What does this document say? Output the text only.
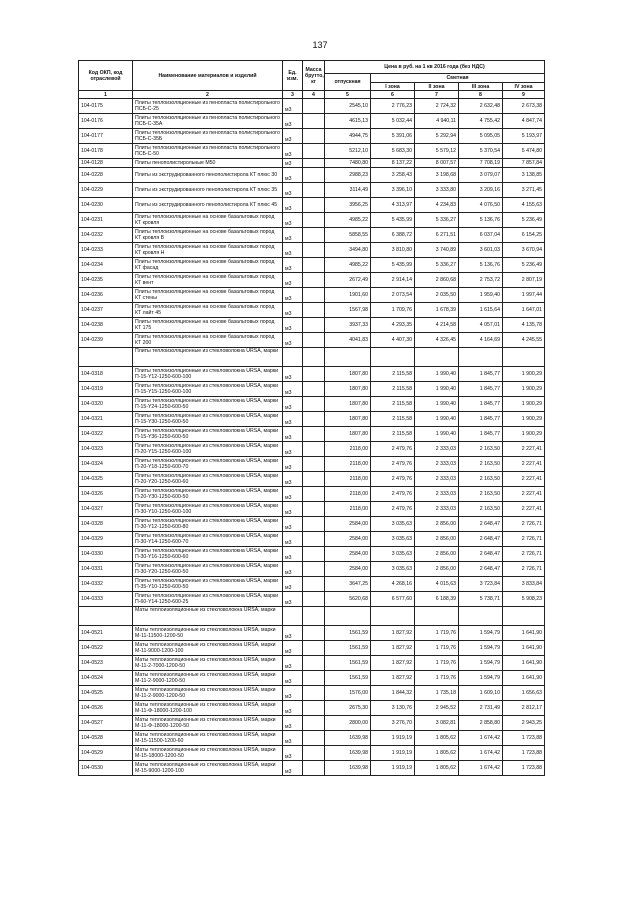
137
Код ОКП, код отраслевой	Наименование материалов и изделий	Ед. изм.	Масса брутто, кг	Цена в руб. на 1 кв 2016 года (без НДС)				
				отпускная	Сметная			
					I зона	II зона	III зона	IV зона
1	2	3	4	5	6	7	8	9
104-0175	Плиты теплоизоляционные из пенопласта полистирольного ПСБ-С-25	м3		2545,10	2 776,23	2 724,32	2 632,48	2 673,38
104-0176	Плиты теплоизоляционные из пенопласта полистирольного ПСБ-С-35А	м3		4615,13	5 032,44	4 940,11	4 755,42	4 847,74
104-0177	Плиты теплоизоляционные из пенопласта полистирольного ПСБ-С-35Б	м3		4944,75	5 391,06	5 292,94	5 095,05	5 193,97
104-0178	Плиты теплоизоляционные из пенопласта полистирольного ПСБ-С-50	м3		5212,10	5 683,30	5 579,12	5 370,54	5 474,80
104-0128	Плиты пенополистирольные М50	м3		7480,80	8 137,22	8 007,57	7 708,19	7 857,84
104-0228	Плиты из экструдированного пенополистирола КТ плюс 30	м3		2988,23	3 258,43	3 198,68	3 079,07	3 138,85
104-0229	Плиты из экструдированного пенополистирола КТ плюс 35	м3		3114,49	3 396,10	3 333,80	3 209,16	3 271,45
104-0230	Плиты из экструдированного пенополистирола КТ плюс 45	м3		3956,25	4 313,97	4 234,83	4 076,50	4 155,63
104-0231	Плиты теплоизоляционные на основе базальтовых пород КТ кровля	м3		4985,22	5 435,99	5 336,27	5 136,76	5 236,49
104-0232	Плиты теплоизоляционные на основе базальтовых пород КТ кровля В	м3		5858,55	6 388,72	6 271,51	6 037,04	6 154,25
104-0233	Плиты теплоизоляционные на основе базальтовых пород КТ кровля Н	м3		3494,80	3 810,80	3 740,89	3 601,03	3 670,94
104-0234	Плиты теплоизоляционные на основе базальтовых пород КТ фасад	м3		4985,22	5 435,99	5 336,27	5 136,76	5 236,49
104-0235	Плиты теплоизоляционные на основе базальтовых пород КТ вент	м3		2672,49	2 914,14	2 860,68	2 753,72	2 807,19
104-0236	Плиты теплоизоляционные на основе базальтовых пород КТ стены	м3		1901,60	2 073,54	2 035,50	1 959,40	1 997,44
104-0237	Плиты теплоизоляционные на основе базальтовых пород КТ лайт 45	м3		1567,98	1 709,76	1 678,39	1 615,64	1 647,01
104-0238	Плиты теплоизоляционные на основе базальтовых пород КТ 175	м3		3937,33	4 293,35	4 214,58	4 057,01	4 135,78
104-0239	Плиты теплоизоляционные на основе базальтовых пород КТ 200	м3		4041,83	4 407,30	4 326,45	4 164,69	4 245,55
	Плиты теплоизоляционные из стекловолокна URSA, марки							
104-0318	Плиты теплоизоляционные из стекловолокна URSA, марки П-15-Y12-1250-600-100	м3		1807,80	2 115,58	1 990,40	1 845,77	1 900,29
104-0319	Плиты теплоизоляционные из стекловолокна URSA, марки П-15-Y15-1250-600-100	м3		1807,80	2 115,58	1 990,40	1 845,77	1 900,29
104-0320	Плиты теплоизоляционные из стекловолокна URSA, марки П-15-Y24-1250-600-50	м3		1807,80	2 115,58	1 990,40	1 845,77	1 900,29
104-0321	Плиты теплоизоляционные из стекловолокна URSA, марки П-15-Y30-1250-600-50	м3		1807,80	2 115,58	1 990,40	1 845,77	1 900,29
104-0322	Плиты теплоизоляционные из стекловолокна URSA, марки П-15-Y36-1250-600-50	м3		1807,80	2 115,58	1 990,40	1 845,77	1 900,29
104-0323	Плиты теплоизоляционные из стекловолокна URSA, марки П-20-Y15-1250-600-100	м3		2118,00	2 479,76	2 333,03	2 163,50	2 227,41
104-0324	Плиты теплоизоляционные из стекловолокна URSA, марки П-20-Y18-1250-600-70	м3		2118,00	2 479,76	2 333,03	2 163,50	2 227,41
104-0325	Плиты теплоизоляционные из стекловолокна URSA, марки П-20-Y20-1250-600-60	м3		2118,00	2 479,76	2 333,03	2 163,50	2 227,41
104-0326	Плиты теплоизоляционные из стекловолокна URSA, марки П-20-Y30-1250-600-50	м3		2118,00	2 479,76	2 333,03	2 163,50	2 227,41
104-0327	Плиты теплоизоляционные из стекловолокна URSA, марки П-30-Y10-1250-600-100	м3		2118,00	2 479,76	2 333,03	2 163,50	2 227,41
104-0328	Плиты теплоизоляционные из стекловолокна URSA, марки П-30-Y12-1250-600-80	м3		2584,00	3 035,63	2 856,00	2 648,47	2 726,71
104-0329	Плиты теплоизоляционные из стекловолокна URSA, марки П-30-Y14-1250-600-70	м3		2584,00	3 035,63	2 856,00	2 648,47	2 726,71
104-0330	Плиты теплоизоляционные из стекловолокна URSA, марки П-30-Y16-1250-600-60	м3		2584,00	3 035,63	2 856,00	2 648,47	2 726,71
104-0331	Плиты теплоизоляционные из стекловолокна URSA, марки П-30-Y20-1250-600-50	м3		2584,00	3 035,63	2 856,00	2 648,47	2 726,71
104-0332	Плиты теплоизоляционные из стекловолокна URSA, марки П-35-Y10-1250-600-50	м3		3647,25	4 268,16	4 015,63	3 723,84	3 833,84
104-0333	Плиты теплоизоляционные из стекловолокна URSA, марки П-60-Y14-1250-600-25	м3		5620,68	6 577,60	6 188,39	5 738,71	5 908,23
	Маты теплоизоляционные из стекловолокна URSA, марки							
104-0521	Маты теплоизоляционные из стекловолокна URSA, марки М-11-11500-1200-50	м3		1561,59	1 827,92	1 719,76	1 594,79	1 641,90
104-0522	Маты теплоизоляционные из стекловолокна URSA, марки М-11-9000-1200-100	м3		1561,59	1 827,92	1 719,76	1 594,79	1 641,90
104-0523	Маты теплоизоляционные из стекловолокна URSA, марки М-11-2-7000-1200-50	м3		1561,59	1 827,92	1 719,76	1 594,79	1 641,90
104-0524	Маты теплоизоляционные из стекловолокна URSA, марки М-11-2-9000-1200-50	м3		1561,59	1 827,92	1 719,76	1 594,79	1 641,90
104-0525	Маты теплоизоляционные из стекловолокна URSA, марки М-11-2-9000-1200-50	м3		1576,00	1 844,32	1 735,18	1 609,10	1 656,63
104-0526	Маты теплоизоляционные из стекловолокна URSA, марки М-11-Ф-18000-1200-100	м3		2675,30	3 130,76	2 945,52	2 731,49	2 812,17
104-0527	Маты теплоизоляционные из стекловолокна URSA, марки М-11-Ф-18000-1200-50	м3		2800,00	3 276,70	3 082,81	2 858,80	2 943,25
104-0528	Маты теплоизоляционные из стекловолокна URSA, марки М-15-11500-1200-60	м3		1639,98	1 919,19	1 805,62	1 674,42	1 723,88
104-0529	Маты теплоизоляционные из стекловолокна URSA, марки М-15-18000-1200-50	м3		1639,98	1 919,19	1 805,62	1 674,42	1 723,88
104-0530	Маты теплоизоляционные из стекловолокна URSA, марки М-15-9000-1200-100	м3		1639,98	1 919,19	1 805,62	1 674,42	1 723,88
